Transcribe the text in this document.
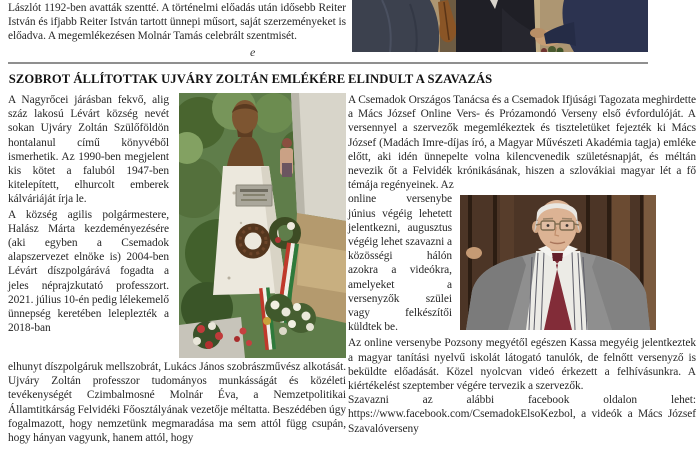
Lászlót 1192-ben avatták szentté. A történelmi előadás után idősebb Reiter István és ifjabb Reiter István tartott ünnepi műsort, saját szerzeményeket is előadva. A megemlékezésen Molnár Tamás celebrált szentmisét.

e
SZOBROT ÁLLÍTOTTAK UJVÁRY ZOLTÁN EMLÉKÉRE

A Nagyrőcei járásban fekvő, alig száz lakosú Lévárt község nevét sokan Ujváry Zoltán Szülőföldön hontalanul című könyvéből ismerhetik. Az 1990-ben megjelent kis kötet a faluból 1947-ben kitelepített, elhurcolt emberek kálváriáját írja le.

A község agilis polgármestere, Halász Márta kezdeményezésére (aki egyben a Csemadok alapszervezet elnöke is) 2004-ben Lévárt díszpolgárává fogadta a jeles néprajzkutató professzort. 2021. július 10-én pedig lélekemelő ünnepség keretében leleplezték a 2018-ban

elhunyt díszpolgáruk mellszobrát, Lukács János szobrászművész alkotását. Ujváry Zoltán professzor tudományos munkásságát és közéleti tevékenységét Czimbalmosné Molnár Éva, a Nemzetpolitikai Államtitkárság Felvidéki Főosztályának vezetője méltatta. Beszédében úgy fogalmazott, hogy nemzetünk megmaradása ma sem attól függ csupán, hogy hányan vagyunk, hanem attól, hogy

ELINDULT A SZAVAZÁS

A Csemadok Országos Tanácsa és a Csemadok Ifjúsági Tagozata meghirdette a Mács József Online Vers- és Prózamondó Verseny első évfordulóját. A versennyel a szervezők megemlékeztek és tiszteletüket fejezték ki Mács József (Madách Imre-díjas író, a Magyar Művészeti Akadémia tagja) emléke előtt, aki idén ünnepelte volna kilencvenedik születésnapját, és méltán nevezik őt a Felvidék krónikásának, hiszen a szlovákiai magyar lét a fő témája regényeinek. Az

online versenybe június végéig lehetett jelentkezni, augusztus végéig lehet szavazni a közösségi hálón azokra a videókra, amelyeket a versenyzők szülei vagy felkészítői küldtek be.

Az online versenybe Pozsony megyétől egészen Kassa megyéig jelentkeztek a magyar tanítási nyelvű iskolát látogató tanulók, de felnőtt versenyző is beküldte előadását. Közel nyolcvan videó érkezett a felhívásunkra. A kiértékelést szeptember végére tervezik a szervezők.

Szavazni az alábbi facebook oldalon lehet: https://www.facebook.com/CsemadokElsoKezbol, a videók a Mács József Szavalóverseny
